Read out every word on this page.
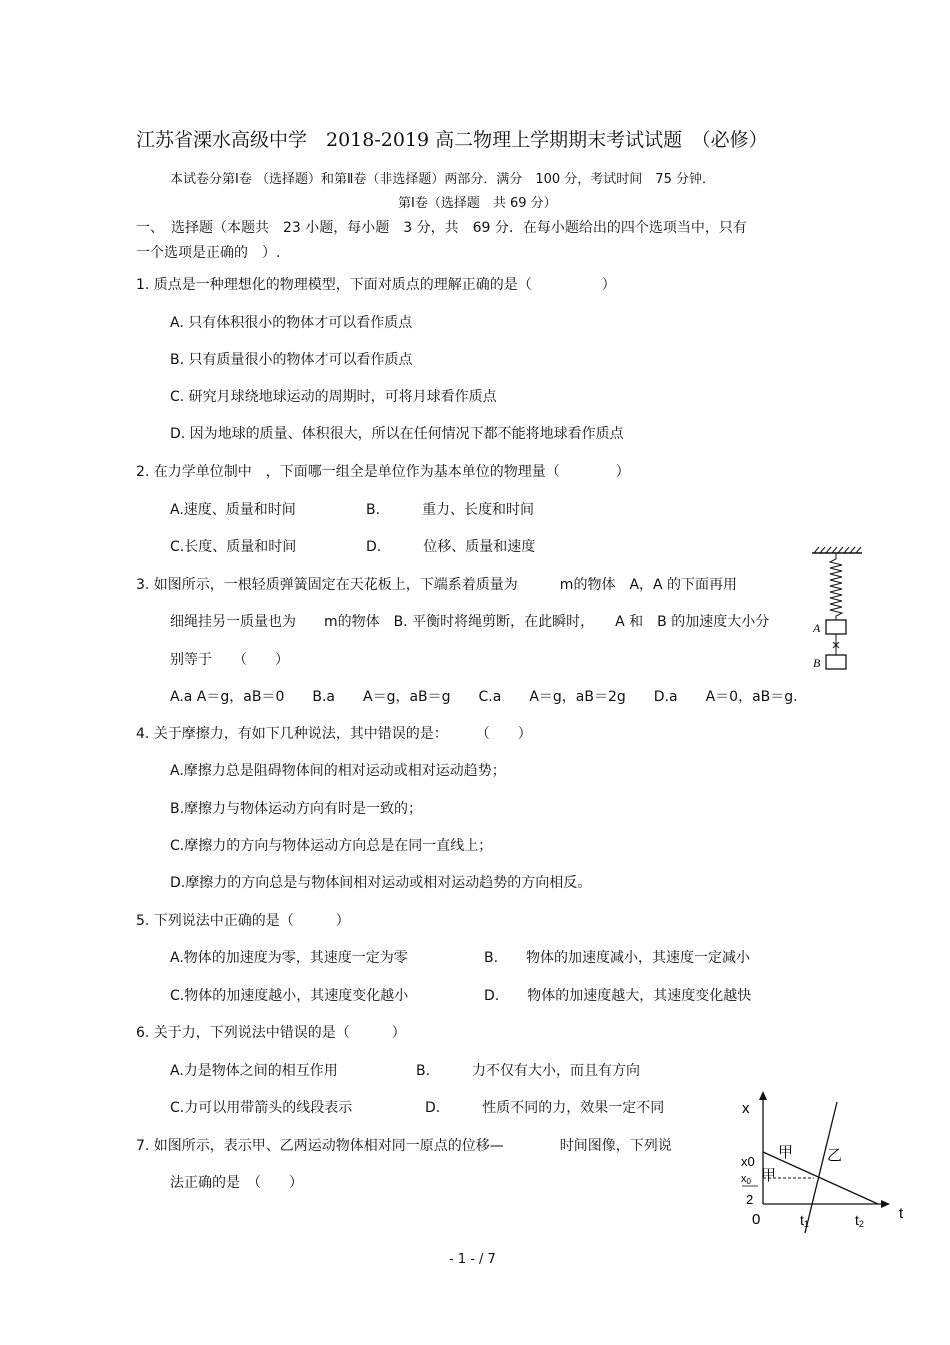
江苏省溧水高级中学　2018-2019 高二物理上学期期末考试试题　（必修）
本试卷分第Ⅰ卷 （选择题）和第Ⅱ卷（非选择题）两部分．满分　100 分，考试时间　75 分钟．
第Ⅰ卷（选择题　共 69 分）
一、　选择题（本题共　23 小题，每小题　3 分，共　69 分．在每小题给出的四个选项当中，只有
一个选项是正确的　）.
1. 质点是一种理想化的物理模型，下面对质点的理解正确的是（　　　　　）
A. 只有体积很小的物体才可以看作质点
B. 只有质量很小的物体才可以看作质点
C. 研究月球绕地球运动的周期时，可将月球看作质点
D. 因为地球的质量、体积很大，所以在任何情况下都不能将地球看作质点
2. 在力学单位制中　，下面哪一组全是单位作为基本单位的物理量（　　　　）
A.速度、质量和时间	B.　　　重力、长度和时间
C.长度、质量和时间	D.　　　位移、质量和速度
3. 如图所示，一根轻质弹簧固定在天花板上，下端系着质量为　　　m的物体　A，A 的下面再用
细绳挂另一质量也为　　m的物体　B. 平衡时将绳剪断，在此瞬时，　　A 和　B 的加速度大小分
别等于　　（　　）
A.a A＝g，aB＝0　　B.a　　A＝g，aB＝g　　C.a　　A＝g，aB＝2g　　D.a　　A＝0，aB＝g.
A
B
4. 关于摩擦力，有如下几种说法，其中错误的是：　　　（　　）
A.摩擦力总是阻碍物体间的相对运动或相对运动趋势；
B.摩擦力与物体运动方向有时是一致的；
C.摩擦力的方向与物体运动方向总是在同一直线上；
D.摩擦力的方向总是与物体间相对运动或相对运动趋势的方向相反。
5. 下列说法中正确的是（　　　）
A.物体的加速度为零，其速度一定为零	B.　　物体的加速度减小，其速度一定减小
C.物体的加速度越小，其速度变化越小	D.　　物体的加速度越大，其速度变化越快
6. 关于力，下列说法中错误的是（　　　）
A.力是物体之间的相互作用	B.　　　力不仅有大小，而且有方向
C.力可以用带箭头的线段表示	D.　　　性质不同的力，效果一定不同
7. 如图所示，表示甲、乙两运动物体相对同一原点的位移—　　　　时间图像，下列说
法正确的是　（　　）
x
t
0
x0
x0
2
甲
甲
乙
t1	t2
- 1 - / 7
